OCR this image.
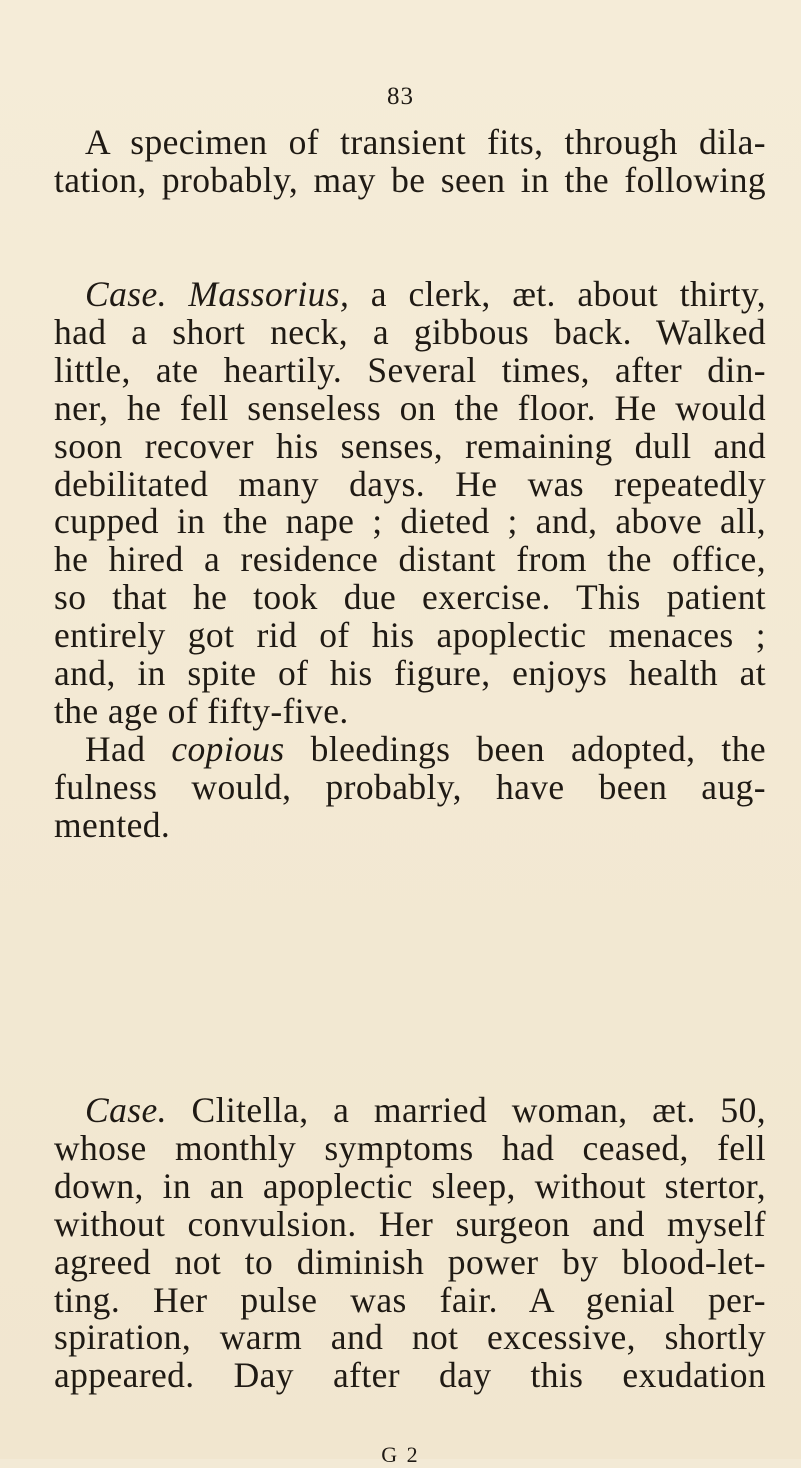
83
A specimen of transient fits, through dila-
tation, probably, may be seen in the following
Case. Massorius, a clerk, æt. about thirty,
had a short neck, a gibbous back. Walked
little, ate heartily. Several times, after din-
ner, he fell senseless on the floor. He would
soon recover his senses, remaining dull and
debilitated many days. He was repeatedly
cupped in the nape ; dieted ; and, above all,
he hired a residence distant from the office,
so that he took due exercise. This patient
entirely got rid of his apoplectic menaces ;
and, in spite of his figure, enjoys health at
the age of fifty-five.
Had copious bleedings been adopted, the
fulness would, probably, have been aug-
mented.
Case. Clitella, a married woman, æt. 50,
whose monthly symptoms had ceased, fell
down, in an apoplectic sleep, without stertor,
without convulsion. Her surgeon and myself
agreed not to diminish power by blood-let-
ting. Her pulse was fair. A genial per-
spiration, warm and not excessive, shortly
appeared. Day after day this exudation
G 2
